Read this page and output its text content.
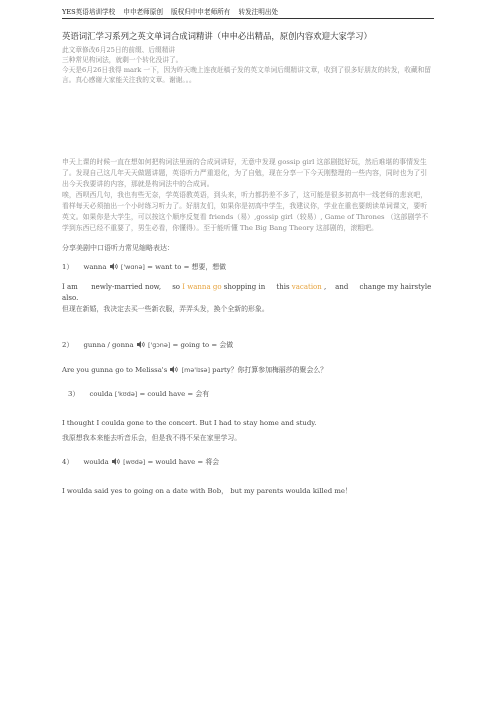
YES英语培训学校 申申老师原创 版权归申申老师所有 转发注明出处

英语词汇学习系列之英文单词合成词精讲（申申必出精品，原创内容欢迎大家学习）

此文章修改6月25日的前缀、后缀精讲

三种常见构词法，就剩一个转化没讲了。

今天是6月26日我得 mark 一下，因为昨天晚上连夜赶稿子发的英文单词后缀精讲文章，收到了很多好朋友的转发，收藏和留言。真心感谢大家能关注我的文章。谢谢。。。

申天上课的时候一直在想如何把构词法里面的合成词讲好，无意中发现 gossip girl 这部剧挺好玩，然后难堪的事情发生了。发现自己这几年天天做题讲题，英语听力严重退化，为了自勉，现在分享一下今天刚整理的一些内容，同时也为了引出今天我要讲的内容，那就是构词法中的合成词。

唉，西呗西几句，我也有些无奈，学英语教英语，到头来，听力都扔差不多了，这可能是很多初高中一线老师的悲哀吧，看样每天必须抽出一个小时练习听力了。好朋友们，如果你是初高中学生，我建议你，学业在重也要朗读单词课文，要听英文。如果你是大学生，可以按这个顺序反复看 friends（易）,gossip girl（较易）, Game of Thrones （这部剧学不学到东西已经不重要了，男生必看，你懂得）。至于能听懂 The Big Bang Theory 这部剧的，滚粗吧。

分享美剧中口语听力常见缩略表达：

1） wanna ['wɑnə] = want to = 想要，想做

I am newly-married now, so I wanna go shopping in this vacation , and change my hairstyle also.

但现在新婚，我决定去买一些新衣服，弄弄头发，换个全新的形象。

2） gunna / gonna ['gɔnə] = going to = 会做

Are you gunna go to Melissa's [mə'lɪsə] party？你打算参加梅丽莎的聚会么？

3） coulda ['kʊdə] = could have = 会有

I thought I coulda gone to the concert. But I had to stay home and study.

我原想我本来能去听音乐会，但是我不得不呆在家里学习。

4） woulda [wʊdə] = would have = 将会

I woulda said yes to going on a date with Bob， but my parents woulda killed me！
